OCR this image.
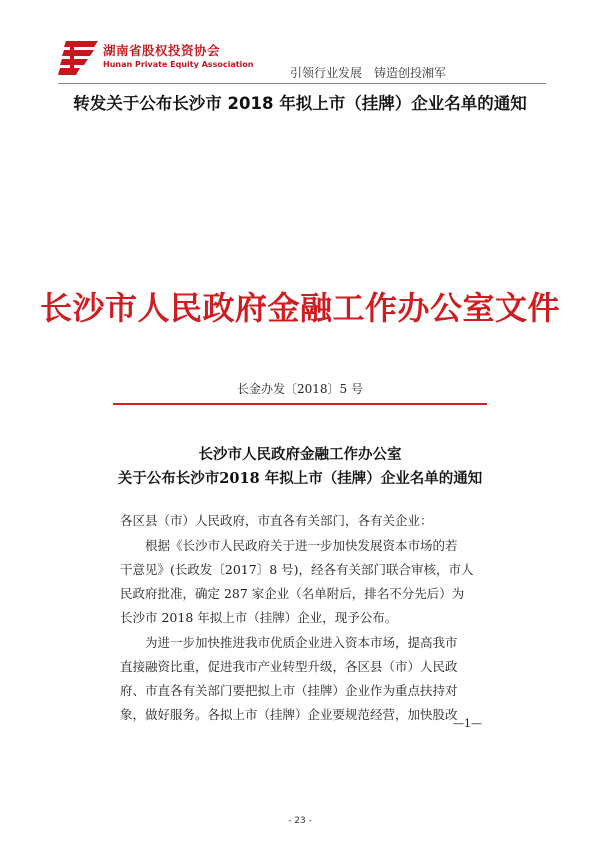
湖南省股权投资协会
Hunan Private Equity Association
引领行业发展　铸造创投湘军
转发关于公布长沙市 2018 年拟上市（挂牌）企业名单的通知
长沙市人民政府金融工作办公室文件
长金办发〔2018〕5 号
长沙市人民政府金融工作办公室
关于公布长沙市2018 年拟上市（挂牌）企业名单的通知
各区县（市）人民政府，市直各有关部门，各有关企业：
　　根据《长沙市人民政府关于进一步加快发展资本市场的若
干意见》(长政发〔2017〕8 号)，经各有关部门联合审核，市人
民政府批准，确定 287 家企业（名单附后，排名不分先后）为
长沙市 2018 年拟上市（挂牌）企业，现予公布。
　　为进一步加快推进我市优质企业进入资本市场，提高我市
直接融资比重，促进我市产业转型升级，各区县（市）人民政
府、市直各有关部门要把拟上市（挂牌）企业作为重点扶持对
象，做好服务。各拟上市（挂牌）企业要规范经营，加快股改
—1—
- 23 -
